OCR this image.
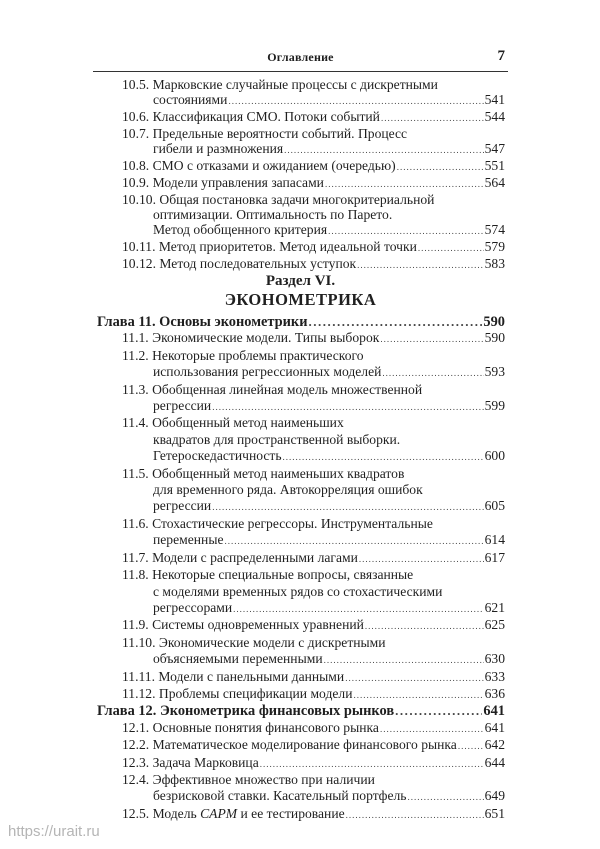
Оглавление	7
10.5. Марковские случайные процессы с дискретными
состояниями .....	541
10.6. Классификация СМО. Потоки событий .....	544
10.7. Предельные вероятности событий. Процесс
гибели и размножения .....	547
10.8. СМО с отказами и ожиданием (очередью) .....	551
10.9. Модели управления запасами .....	564
10.10. Общая постановка задачи многокритериальной
оптимизации. Оптимальность по Парето.
Метод обобщенного критерия .....	574
10.11. Метод приоритетов. Метод идеальной точки .....	579
10.12. Метод последовательных уступок .....	583
Раздел VI.
ЭКОНОМЕТРИКА
Глава 11. Основы эконометрики .....	590
11.1. Экономические модели. Типы выборок .....	590
11.2. Некоторые проблемы практического
использования регрессионных моделей .....	593
11.3. Обобщенная линейная модель множественной
регрессии .....	599
11.4. Обобщенный метод наименьших
квадратов для пространственной выборки.
Гетероскедастичность .....	600
11.5. Обобщенный метод наименьших квадратов
для временного ряда. Автокорреляция ошибок
регрессии .....	605
11.6. Стохастические регрессоры. Инструментальные
переменные .....	614
11.7. Модели с распределенными лагами .....	617
11.8. Некоторые специальные вопросы, связанные
с моделями временных рядов со стохастическими
регрессорами .....	621
11.9. Системы одновременных уравнений .....	625
11.10. Экономические модели с дискретными
объясняемыми переменными .....	630
11.11. Модели с панельными данными .....	633
11.12. Проблемы спецификации модели .....	636
Глава 12. Эконометрика финансовых рынков .....	641
12.1. Основные понятия финансового рынка .....	641
12.2. Математическое моделирование финансового рынка ..... 642
12.3. Задача Марковица .....	644
12.4. Эффективное множество при наличии
безрисковой ставки. Касательный портфель .....	649
12.5. Модель CAPM и ее тестирование .....	651
https://urait.ru
